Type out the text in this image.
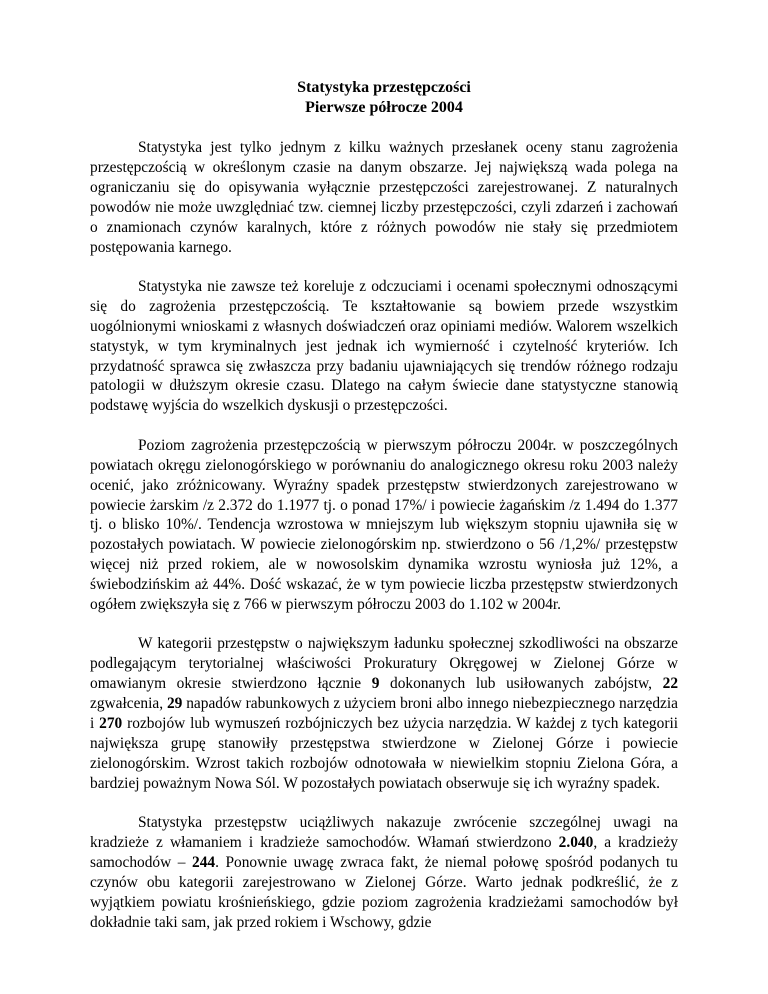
Statystyka przestępczości
Pierwsze półrocze 2004

Statystyka jest tylko jednym z kilku ważnych przesłanek oceny stanu zagrożenia przestępczością w określonym czasie na danym obszarze. Jej największą wada polega na ograniczaniu się do opisywania wyłącznie przestępczości zarejestrowanej. Z naturalnych powodów nie może uwzględniać tzw. ciemnej liczby przestępczości, czyli zdarzeń i zachowań o znamionach czynów karalnych, które z różnych powodów nie stały się przedmiotem postępowania karnego.

Statystyka nie zawsze też koreluje z odczuciami i ocenami społecznymi odnoszącymi się do zagrożenia przestępczością. Te kształtowanie są bowiem przede wszystkim uogólnionymi wnioskami z własnych doświadczeń oraz opiniami mediów. Walorem wszelkich statystyk, w tym kryminalnych jest jednak ich wymierność i czytelność kryteriów. Ich przydatność sprawca się zwłaszcza przy badaniu ujawniających się trendów różnego rodzaju patologii w dłuższym okresie czasu. Dlatego na całym świecie dane statystyczne stanowią podstawę wyjścia do wszelkich dyskusji o przestępczości.

Poziom zagrożenia przestępczością w pierwszym półroczu 2004r. w poszczególnych powiatach okręgu zielonogórskiego w porównaniu do analogicznego okresu roku 2003 należy ocenić, jako zróżnicowany. Wyraźny spadek przestępstw stwierdzonych zarejestrowano w powiecie żarskim /z 2.372 do 1.1977 tj. o ponad 17%/ i powiecie żagańskim /z 1.494 do 1.377 tj. o blisko 10%/. Tendencja wzrostowa w mniejszym lub większym stopniu ujawniła się w pozostałych powiatach. W powiecie zielonogórskim np. stwierdzono o 56 /1,2%/ przestępstw więcej niż przed rokiem, ale w nowosolskim dynamika wzrostu wyniosła już 12%, a świebodzińskim aż 44%. Dość wskazać, że w tym powiecie liczba przestępstw stwierdzonych ogółem zwiększyła się z 766 w pierwszym półroczu 2003 do 1.102 w 2004r.

W kategorii przestępstw o największym ładunku społecznej szkodliwości na obszarze podlegającym terytorialnej właściwości Prokuratury Okręgowej w Zielonej Górze w omawianym okresie stwierdzono łącznie 9 dokonanych lub usiłowanych zabójstw, 22 zgwałcenia, 29 napadów rabunkowych z użyciem broni albo innego niebezpiecznego narzędzia i 270 rozbojów lub wymuszeń rozbójniczych bez użycia narzędzia. W każdej z tych kategorii największa grupę stanowiły przestępstwa stwierdzone w Zielonej Górze i powiecie zielonogórskim. Wzrost takich rozbojów odnotowała w niewielkim stopniu Zielona Góra, a bardziej poważnym Nowa Sól. W pozostałych powiatach obserwuje się ich wyraźny spadek.

Statystyka przestępstw uciążliwych nakazuje zwrócenie szczególnej uwagi na kradzieże z włamaniem i kradzieże samochodów. Włamań stwierdzono 2.040, a kradzieży samochodów – 244. Ponownie uwagę zwraca fakt, że niemal połowę spośród podanych tu czynów obu kategorii zarejestrowano w Zielonej Górze. Warto jednak podkreślić, że z wyjątkiem powiatu krośnieńskiego, gdzie poziom zagrożenia kradzieżami samochodów był dokładnie taki sam, jak przed rokiem i Wschowy, gdzie
